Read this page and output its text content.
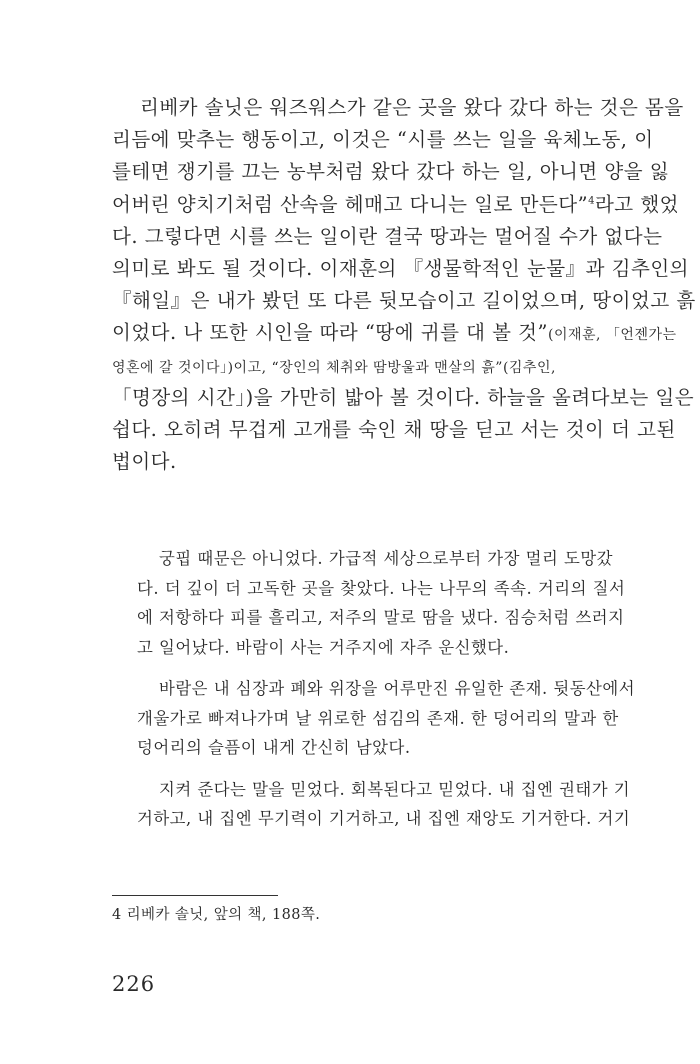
리베카 솔닛은 워즈워스가 같은 곳을 왔다 갔다 하는 것은 몸을
리듬에 맞추는 행동이고, 이것은 “시를 쓰는 일을 육체노동, 이
를테면 쟁기를 끄는 농부처럼 왔다 갔다 하는 일, 아니면 양을 잃
어버린 양치기처럼 산속을 헤매고 다니는 일로 만든다”$^4$라고 했었
다. 그렇다면 시를 쓰는 일이란 결국 땅과는 멀어질 수가 없다는
의미로 봐도 될 것이다. 이재훈의 『생물학적인 눈물』과 김추인의
『해일』은 내가 봤던 또 다른 뒷모습이고 길이었으며, 땅이었고 흙
이었다. 나 또한 시인을 따라 “땅에 귀를 대 볼 것”(이재훈, 「언젠가는
영혼에 갈 것이다」)이고, “장인의 체취와 땀방울과 맨살의 흙”(김추인,
「명장의 시간」)을 가만히 밟아 볼 것이다. 하늘을 올려다보는 일은
쉽다. 오히려 무겁게 고개를 숙인 채 땅을 딛고 서는 것이 더 고된
법이다.
궁핍 때문은 아니었다. 가급적 세상으로부터 가장 멀리 도망갔
다. 더 깊이 더 고독한 곳을 찾았다. 나는 나무의 족속. 거리의 질서
에 저항하다 피를 흘리고, 저주의 말로 땀을 냈다. 짐승처럼 쓰러지
고 일어났다. 바람이 사는 거주지에 자주 운신했다.
바람은 내 심장과 폐와 위장을 어루만진 유일한 존재. 뒷동산에서
개울가로 빠져나가며 날 위로한 섬김의 존재. 한 덩어리의 말과 한
덩어리의 슬픔이 내게 간신히 남았다.
지켜 준다는 말을 믿었다. 회복된다고 믿었다. 내 집엔 권태가 기
거하고, 내 집엔 무기력이 기거하고, 내 집엔 재앙도 기거한다. 거기
4 리베카 솔닛, 앞의 책, 188쪽.
226
